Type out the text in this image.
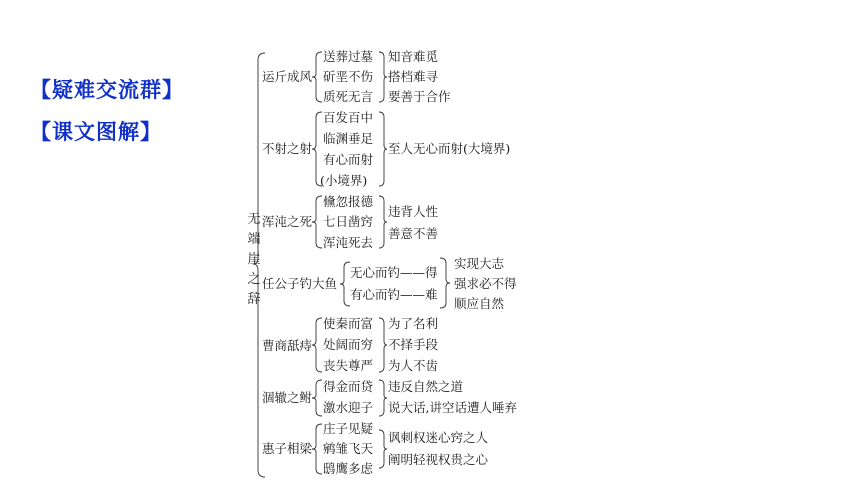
【疑难交流群】
【课文图解】
无
端
崖
之
辞
运斤成风
送葬过墓
斫垩不伤
质死无言
知音难觅
搭档难寻
要善于合作
不射之射
百发百中
临渊垂足
有心而射
(小境界)
至人无心而射(大境界)
浑沌之死
儵忽报德
七日凿窍
浑沌死去
违背人性
善意不善
任公子钓大鱼
无心而钓——得
有心而钓——难
实现大志
强求必不得
顺应自然
曹商舐痔
使秦而富
处阔而穷
丧失尊严
为了名利
不择手段
为人不齿
涸辙之鲋
得金而贷
激水迎子
违反自然之道
说大话,讲空话遭人唾弃
惠子相梁
庄子见疑
鹓雏飞天
鸱鹰多虑
讽刺权迷心窍之人
阐明轻视权贵之心
